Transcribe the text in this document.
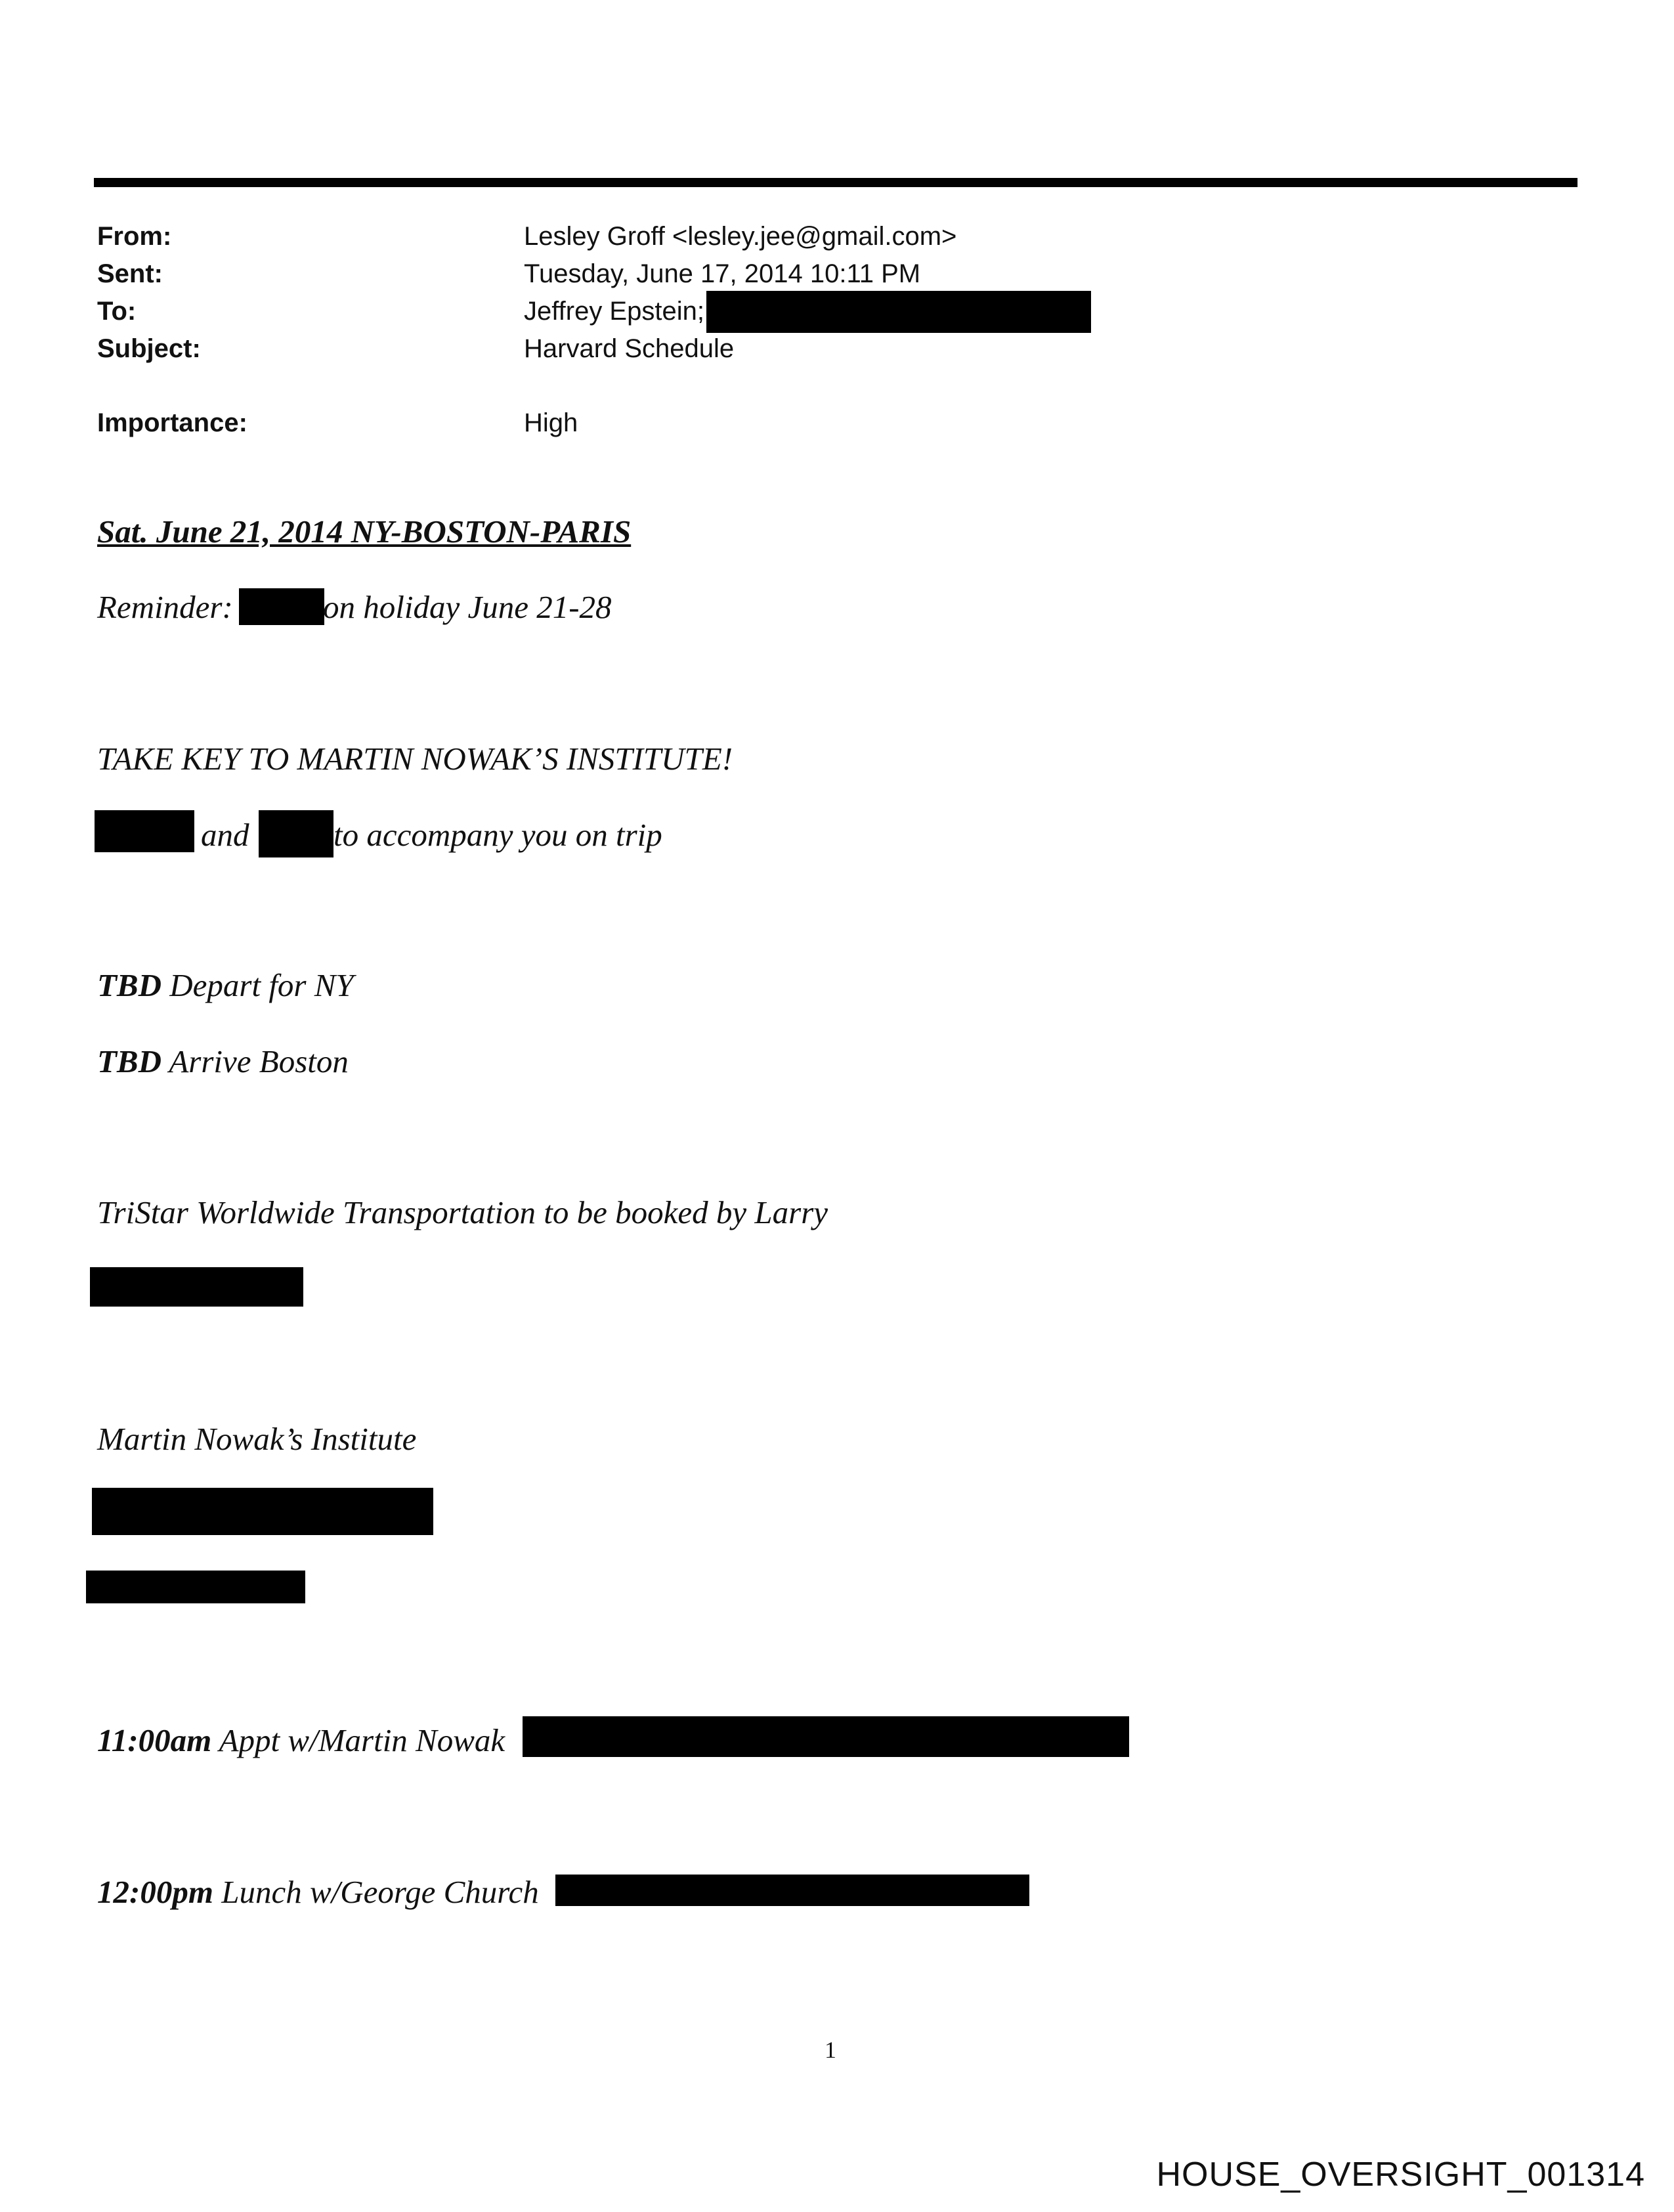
From:	Lesley Groff <lesley.jee@gmail.com>
Sent:	Tuesday, June 17, 2014 10:11 PM
To:	Jeffrey Epstein;
Subject:	Harvard Schedule
Importance:	High
Sat. June 21, 2014 NY-BOSTON-PARIS
Reminder:	on holiday June 21-28
TAKE KEY TO MARTIN NOWAK’S INSTITUTE!
and	to accompany you on trip
TBD Depart for NY
TBD Arrive Boston
TriStar Worldwide Transportation to be booked by Larry
Martin Nowak’s Institute
11:00am Appt w/Martin Nowak
12:00pm Lunch w/George Church
1
HOUSE_OVERSIGHT_001314
